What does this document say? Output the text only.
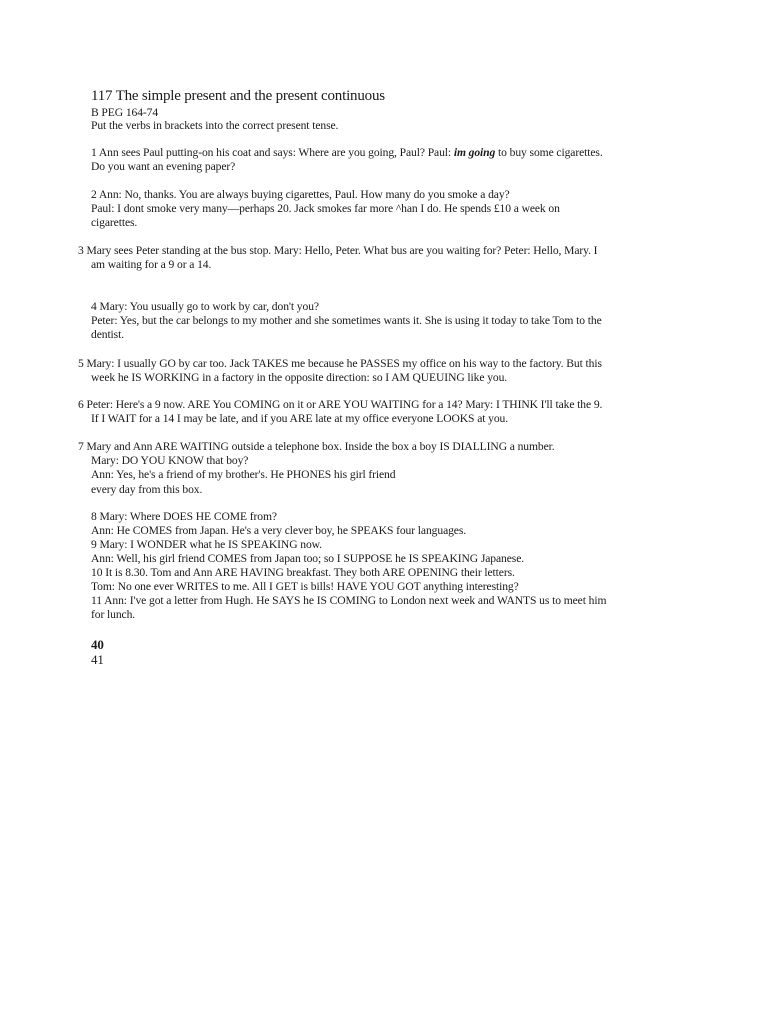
117 The simple present and the present continuous
B PEG 164-74
Put the verbs in brackets into the correct present tense.
1 Ann sees Paul putting-on his coat and says: Where are you going, Paul? Paul: im going to buy some cigarettes.
Do you want an evening paper?
2 Ann: No, thanks. You are always buying cigarettes, Paul. How many do you smoke a day?
Paul: I dont smoke very many—perhaps 20. Jack smokes far more ^han I do. He spends £10 a week on
cigarettes.
3 Mary sees Peter standing at the bus stop. Mary: Hello, Peter. What bus are you waiting for? Peter: Hello, Mary. I
am waiting for a 9 or a 14.
4 Mary: You usually go to work by car, don't you?
Peter: Yes, but the car belongs to my mother and she sometimes wants it. She is using it today to take Tom to the
dentist.
5 Mary: I usually GO by car too. Jack TAKES me because he PASSES my office on his way to the factory. But this
week he IS WORKING in a factory in the opposite direction: so I AM QUEUING like you.
6 Peter: Here's a 9 now. ARE You COMING on it or ARE YOU WAITING for a 14? Mary: I THINK I'll take the 9.
If I WAIT for a 14 I may be late, and if you ARE late at my office everyone LOOKS at you.
7 Mary and Ann ARE WAITING outside a telephone box. Inside the box a boy IS DIALLING a number.
Mary: DO YOU KNOW that boy?
Ann: Yes, he's a friend of my brother's. He PHONES his girl friend
every day from this box.
8 Mary: Where DOES HE COME from?
Ann: He COMES from Japan. He's a very clever boy, he SPEAKS four languages.
9 Mary: I WONDER what he IS SPEAKING now.
Ann: Well, his girl friend COMES from Japan too; so I SUPPOSE he IS SPEAKING Japanese.
10 It is 8.30. Tom and Ann ARE HAVING breakfast. They both ARE OPENING their letters.
Tom: No one ever WRITES to me. All I GET is bills! HAVE YOU GOT anything interesting?
11 Ann: I've got a letter from Hugh. He SAYS he IS COMING to London next week and WANTS us to meet him
for lunch.
40
41
